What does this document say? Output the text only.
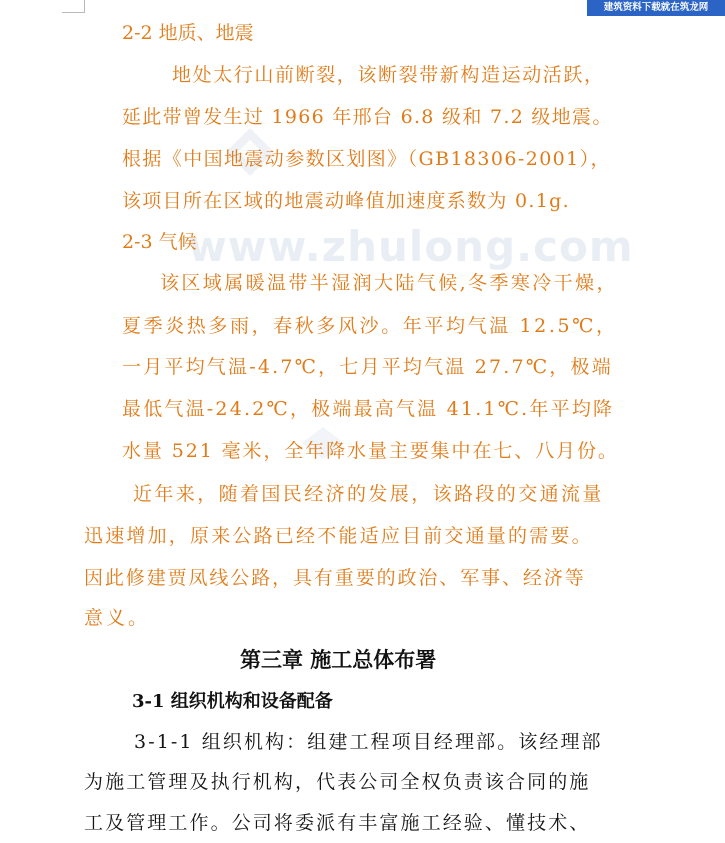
建筑资料下载就在筑龙网
www.zhulong.com
2-2 地质、地震
地处太行山前断裂，该断裂带新构造运动活跃，
延此带曾发生过 1966 年邢台 6.8 级和 7.2 级地震。
根据《中国地震动参数区划图》（GB18306-2001），
该项目所在区域的地震动峰值加速度系数为 0.1g.
2-3 气候
该区域属暖温带半湿润大陆气候,冬季寒冷干燥，
夏季炎热多雨，春秋多风沙。年平均气温 12.5℃，
一月平均气温-4.7℃，七月平均气温 27.7℃，极端
最低气温-24.2℃，极端最高气温 41.1℃.年平均降
水量 521 毫米，全年降水量主要集中在七、八月份。
近年来，随着国民经济的发展，该路段的交通流量
迅速增加，原来公路已经不能适应目前交通量的需要。
因此修建贾凤线公路，具有重要的政治、军事、经济等
意义。
第三章 施工总体布署
3-1 组织机构和设备配备
3-1-1 组织机构：组建工程项目经理部。该经理部
为施工管理及执行机构，代表公司全权负责该合同的施
工及管理工作。公司将委派有丰富施工经验、懂技术、
